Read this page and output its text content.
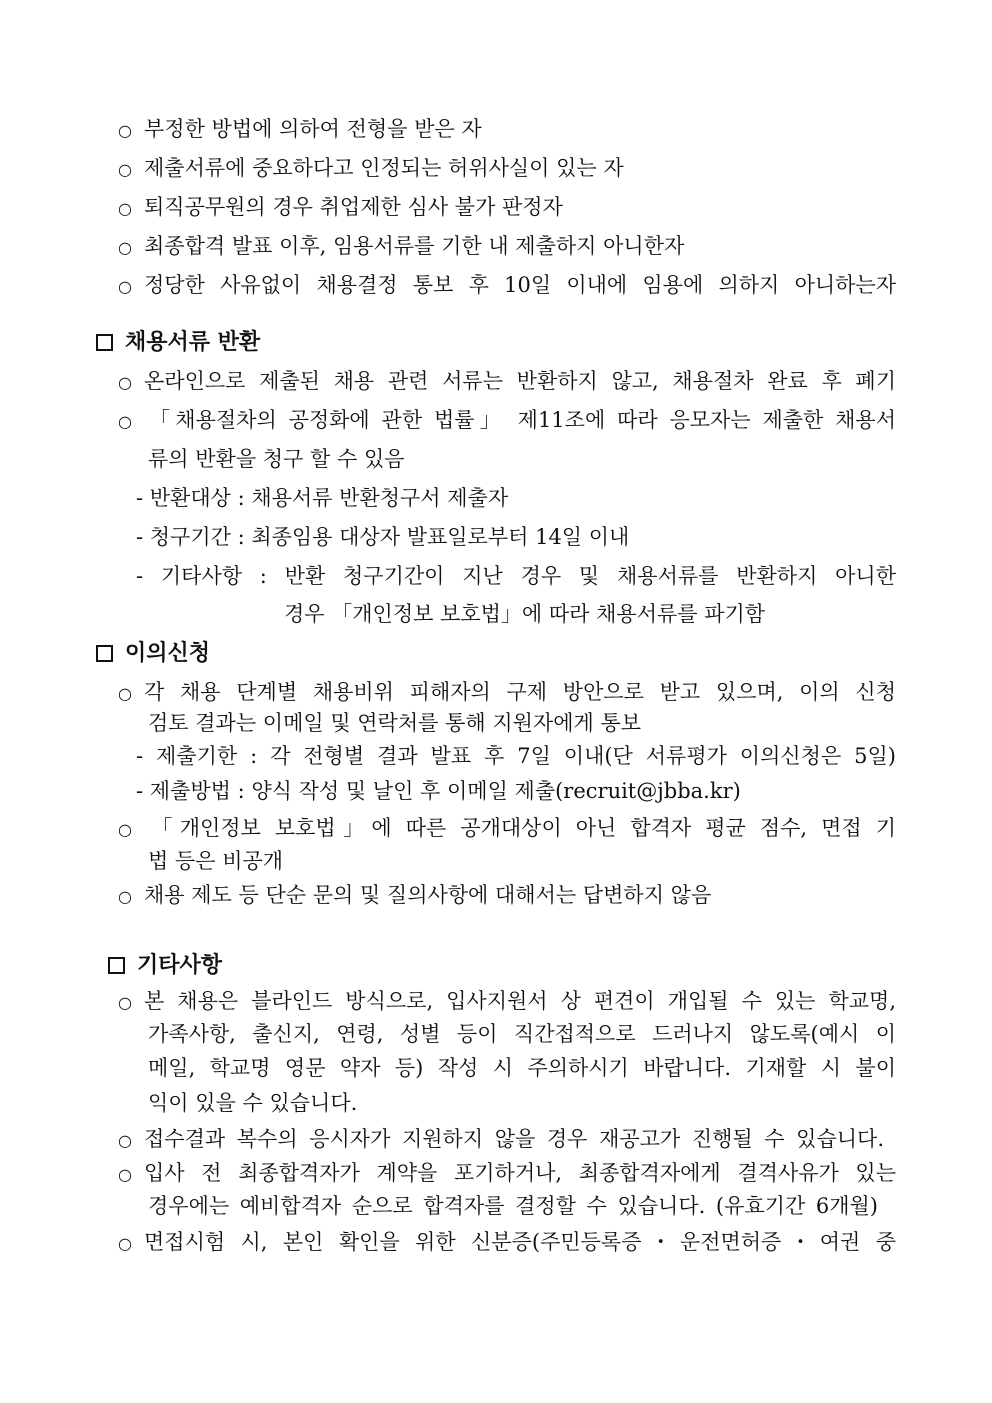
○ 부정한 방법에 의하여 전형을 받은 자
○ 제출서류에 중요하다고 인정되는 허위사실이 있는 자
○ 퇴직공무원의 경우 취업제한 심사 불가 판정자
○ 최종합격 발표 이후, 임용서류를 기한 내 제출하지 아니한자
○ 정당한 사유없이 채용결정 통보 후 10일 이내에 임용에 의하지 아니하는자
채용서류 반환
○ 온라인으로 제출된 채용 관련 서류는 반환하지 않고, 채용절차 완료 후 폐기
○ 「채용절차의 공정화에 관한 법률」 제11조에 따라 응모자는 제출한 채용서
류의 반환을 청구 할 수 있음
- 반환대상 : 채용서류 반환청구서 제출자
- 청구기간 : 최종임용 대상자 발표일로부터 14일 이내
- 기타사항 : 반환 청구기간이 지난 경우 및 채용서류를 반환하지 아니한
경우 「개인정보 보호법」에 따라 채용서류를 파기함
이의신청
○ 각 채용 단계별 채용비위 피해자의 구제 방안으로 받고 있으며, 이의 신청
검토 결과는 이메일 및 연락처를 통해 지원자에게 통보
- 제출기한 : 각 전형별 결과 발표 후 7일 이내(단 서류평가 이의신청은 5일)
- 제출방법 : 양식 작성 및 날인 후 이메일 제출(recruit@jbba.kr)
○ 「개인정보 보호법」에 따른 공개대상이 아닌 합격자 평균 점수, 면접 기
법 등은 비공개
○ 채용 제도 등 단순 문의 및 질의사항에 대해서는 답변하지 않음
기타사항
○ 본 채용은 블라인드 방식으로, 입사지원서 상 편견이 개입될 수 있는 학교명,
가족사항, 출신지, 연령, 성별 등이 직간접적으로 드러나지 않도록(예시 이
메일, 학교명 영문 약자 등) 작성 시 주의하시기 바랍니다. 기재할 시 불이
익이 있을 수 있습니다.
○ 접수결과 복수의 응시자가 지원하지 않을 경우 재공고가 진행될 수 있습니다.
○ 입사 전 최종합격자가 계약을 포기하거나, 최종합격자에게 결격사유가 있는
경우에는 예비합격자 순으로 합격자를 결정할 수 있습니다. (유효기간 6개월)
○ 면접시험 시, 본인 확인을 위한 신분증(주민등록증・운전면허증・여권 중
